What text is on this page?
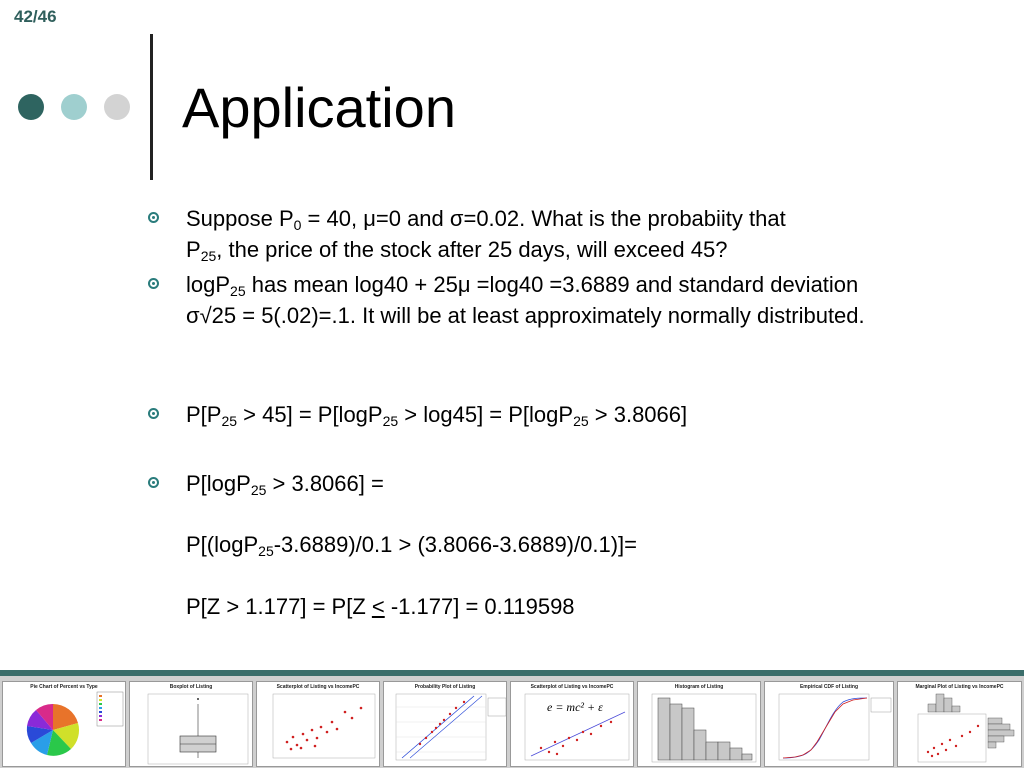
42/46
Application
Suppose $P_0 = 40$, μ=0 and σ=0.02. What is the probabiity that
$P_{25}$, the price of the stock after 25 days, will exceed 45?
logP$_{25}$ has mean log40 + 25μ =log40 =3.6889 and standard deviation σ√25 = 5(.02)=.1. It will be at least approximately normally distributed.
$P[P_{25} > 45] = P[\log P_{25} > \log 45] = P[\log P_{25} > 3.8066]$
P[logP$_{25}$ > 3.8066] =
P[(logP$_{25}$-3.6889)/0.1 > (3.8066-3.6889)/0.1)]=
P[Z > 1.177] = P[Z ≤ -1.177] = 0.119598
Pie Chart of Percent vs Type	Boxplot of Listing	Scatterplot of Listing vs IncomePC	Probability Plot of Listing	Scatterplot of Listing vs IncomePC
e = mc² + ε
Histogram of Listing	Empirical CDF of Listing	Marginal Plot of Listing vs IncomePC
